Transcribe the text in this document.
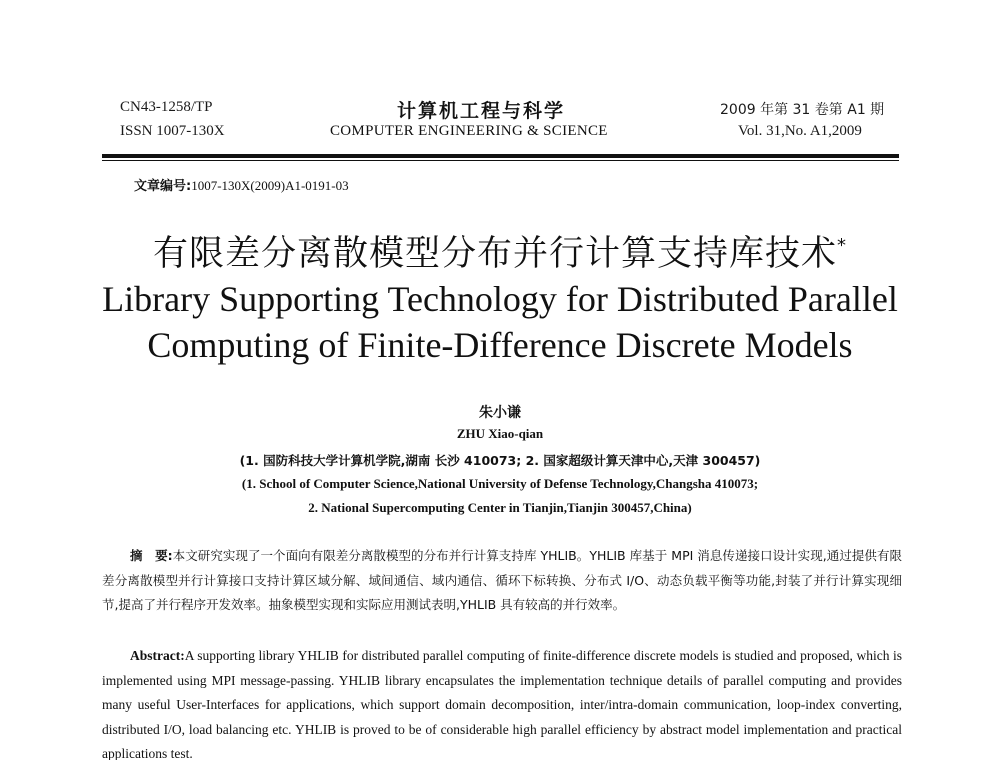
CN43-1258/TP
ISSN 1007-130X
计算机工程与科学
COMPUTER ENGINEERING & SCIENCE
2009 年第 31 卷第 A1 期
Vol. 31,No. A1,2009
文章编号:1007-130X(2009)A1-0191-03
有限差分离散模型分布并行计算支持库技术*
Library Supporting Technology for Distributed Parallel
Computing of Finite-Difference Discrete Models
朱小谦
ZHU Xiao-qian
(1. 国防科技大学计算机学院,湖南 长沙 410073; 2. 国家超级计算天津中心,天津 300457)
(1. School of Computer Science,National University of Defense Technology,Changsha 410073;
2. National Supercomputing Center in Tianjin,Tianjin 300457,China)
摘　要:本文研究实现了一个面向有限差分离散模型的分布并行计算支持库 YHLIB。YHLIB 库基于 MPI 消息传递接口设计实现,通过提供有限差分离散模型并行计算接口支持计算区域分解、域间通信、域内通信、循环下标转换、分布式 I/O、动态负载平衡等功能,封装了并行计算实现细节,提高了并行程序开发效率。抽象模型实现和实际应用测试表明,YHLIB 具有较高的并行效率。
Abstract:A supporting library YHLIB for distributed parallel computing of finite-difference discrete models is studied and proposed, which is implemented using MPI message-passing. YHLIB library encapsulates the implementation technique details of parallel computing and provides many useful User-Interfaces for applications, which support domain decomposition, inter/intra-domain communication, loop-index converting, distributed I/O, load balancing etc. YHLIB is proved to be of considerable high parallel efficiency by abstract model implementation and practical applications test.
